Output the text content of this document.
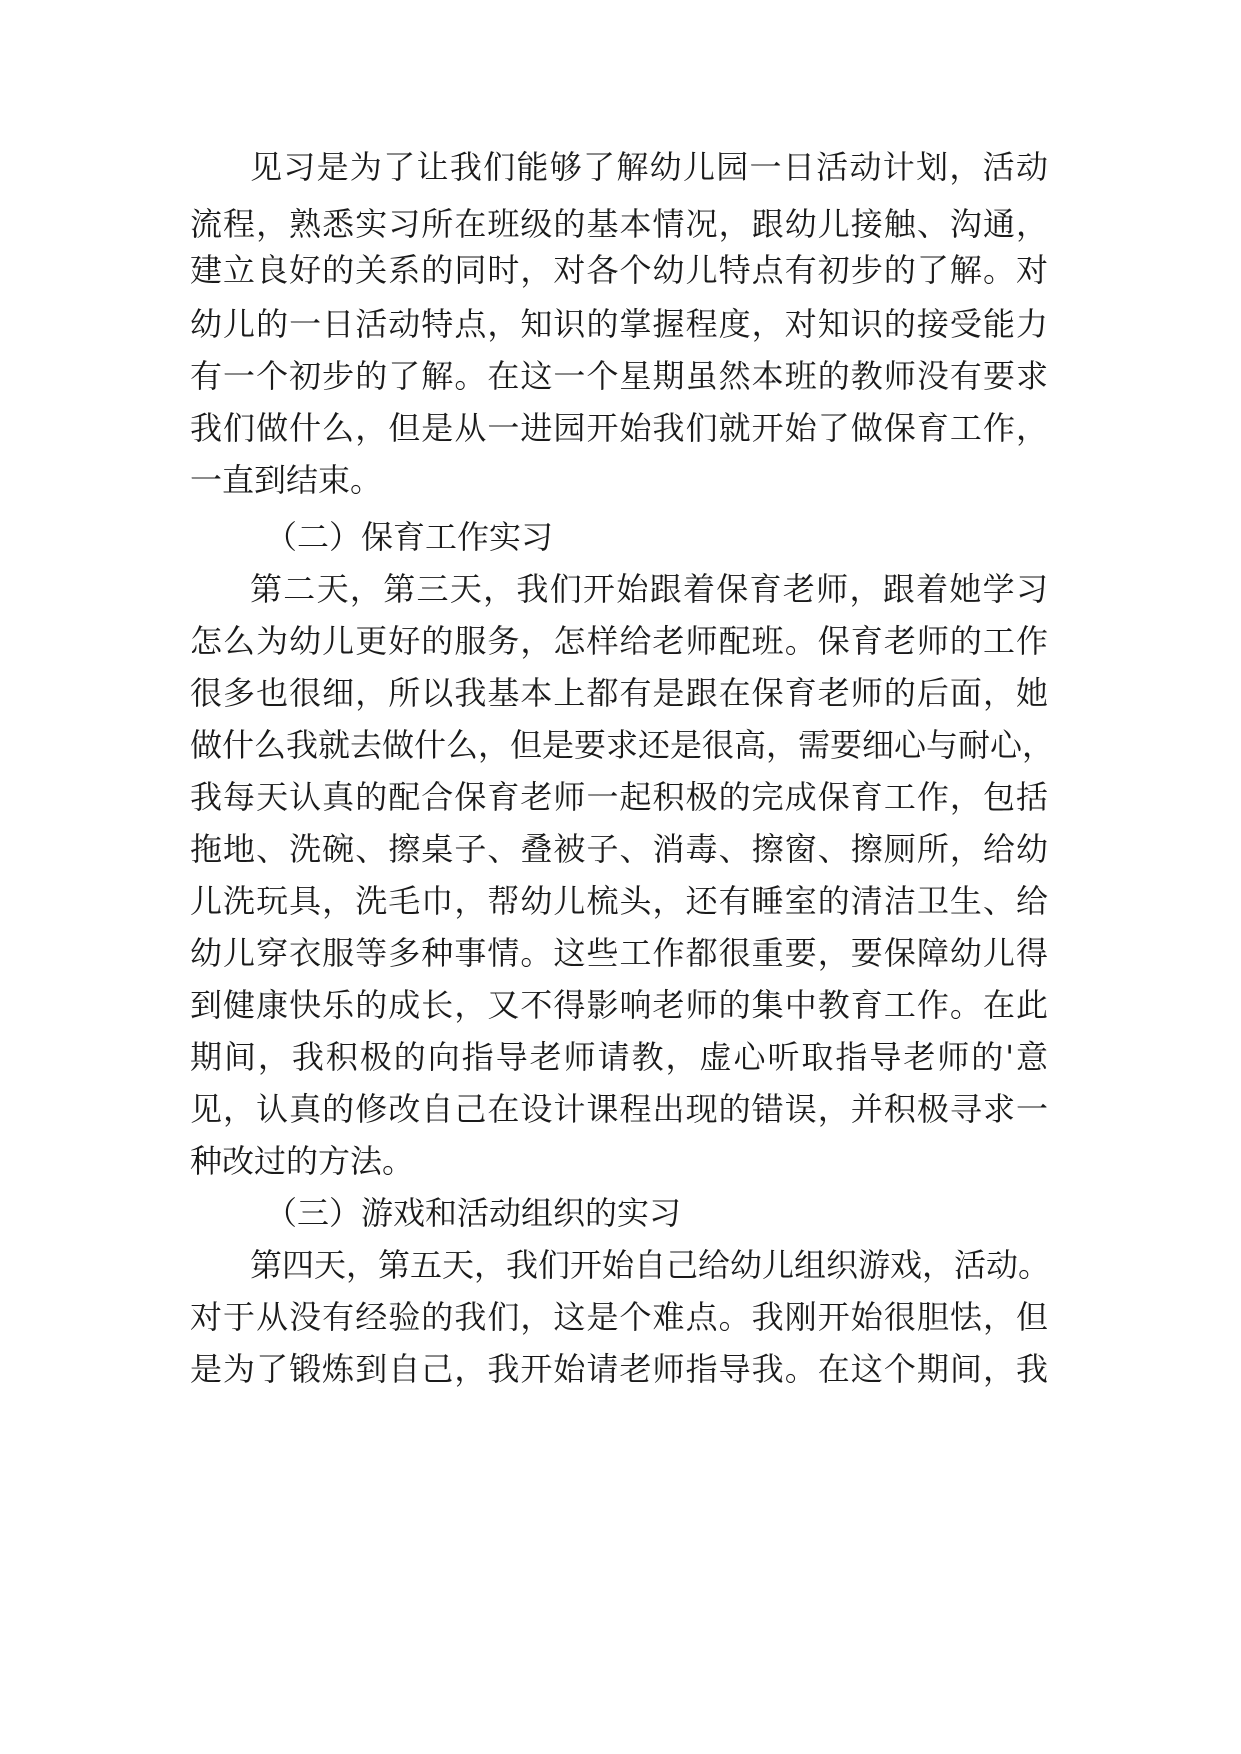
见习是为了让我们能够了解幼儿园一日活动计划，活动
流程，熟悉实习所在班级的基本情况，跟幼儿接触、沟通，
建立良好的关系的同时，对各个幼儿特点有初步的了解。对
幼儿的一日活动特点，知识的掌握程度，对知识的接受能力
有一个初步的了解。在这一个星期虽然本班的教师没有要求
我们做什么，但是从一进园开始我们就开始了做保育工作，
一直到结束。
（二）保育工作实习
第二天，第三天，我们开始跟着保育老师，跟着她学习
怎么为幼儿更好的服务，怎样给老师配班。保育老师的工作
很多也很细，所以我基本上都有是跟在保育老师的后面，她
做什么我就去做什么，但是要求还是很高，需要细心与耐心，
我每天认真的配合保育老师一起积极的完成保育工作，包括
拖地、洗碗、擦桌子、叠被子、消毒、擦窗、擦厕所，给幼
儿洗玩具，洗毛巾，帮幼儿梳头，还有睡室的清洁卫生、给
幼儿穿衣服等多种事情。这些工作都很重要，要保障幼儿得
到健康快乐的成长，又不得影响老师的集中教育工作。在此
期间，我积极的向指导老师请教，虚心听取指导老师的'意
见，认真的修改自己在设计课程出现的错误，并积极寻求一
种改过的方法。
（三）游戏和活动组织的实习
第四天，第五天，我们开始自己给幼儿组织游戏，活动。
对于从没有经验的我们，这是个难点。我刚开始很胆怯，但
是为了锻炼到自己，我开始请老师指导我。在这个期间，我
